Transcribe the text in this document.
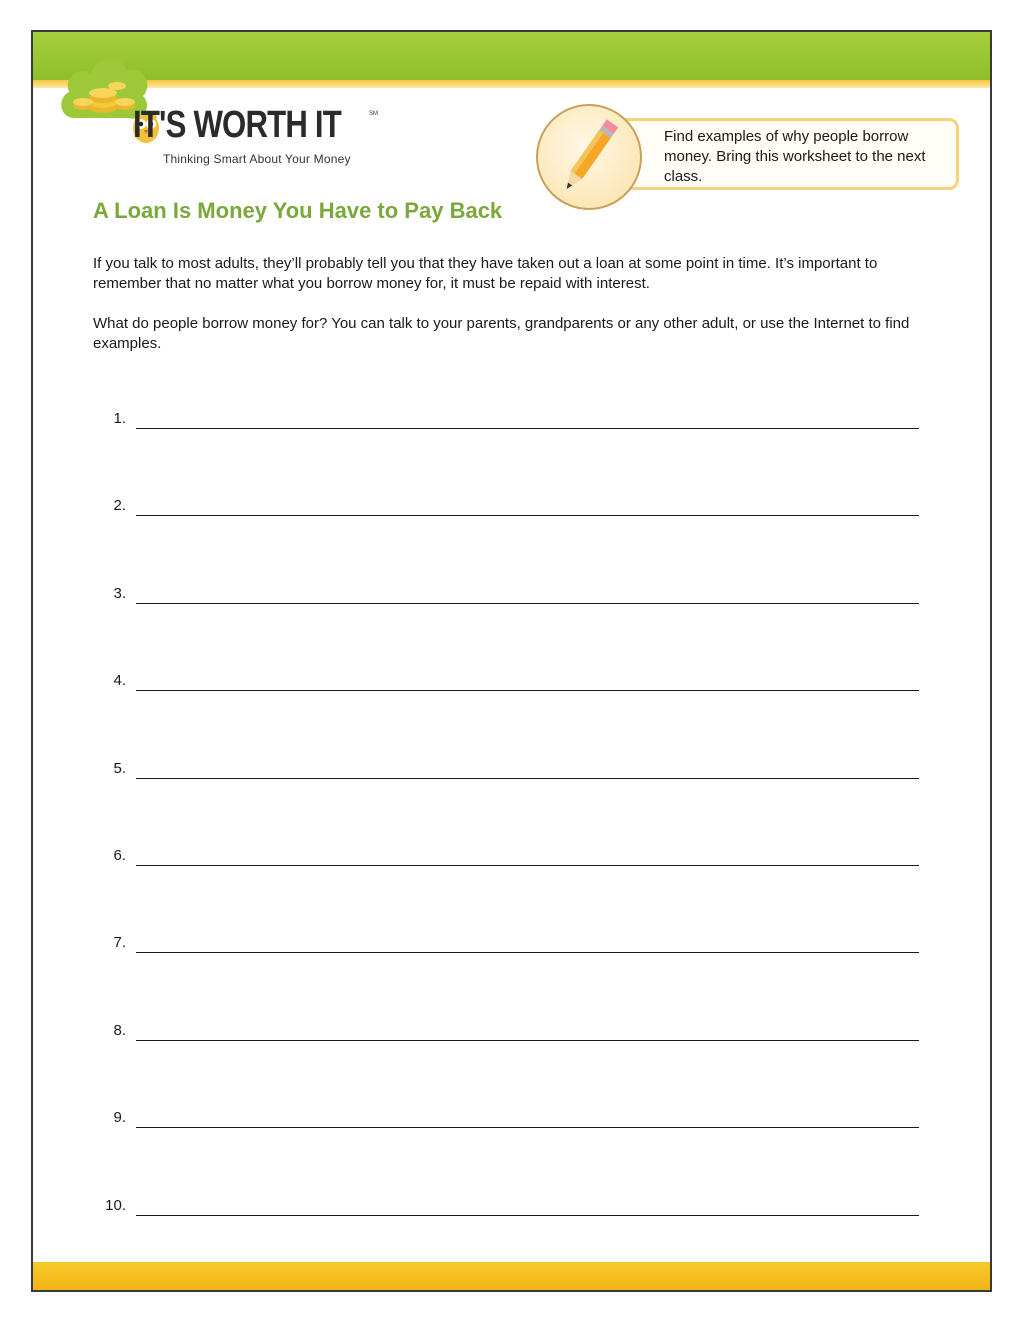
IT'S WORTH IT	SM
Thinking Smart About Your Money
Find examples of why people borrow money. Bring this worksheet to the next class.
A Loan Is Money You Have to Pay Back
If you talk to most adults, they’ll probably tell you that they have taken out a loan at some point in time. It’s important to remember that no matter what you borrow money for, it must be repaid with interest.
What do people borrow money for? You can talk to your parents, grandparents or any other adult, or use the Internet to find examples.
1.
2.
3.
4.
5.
6.
7.
8.
9.
10.
